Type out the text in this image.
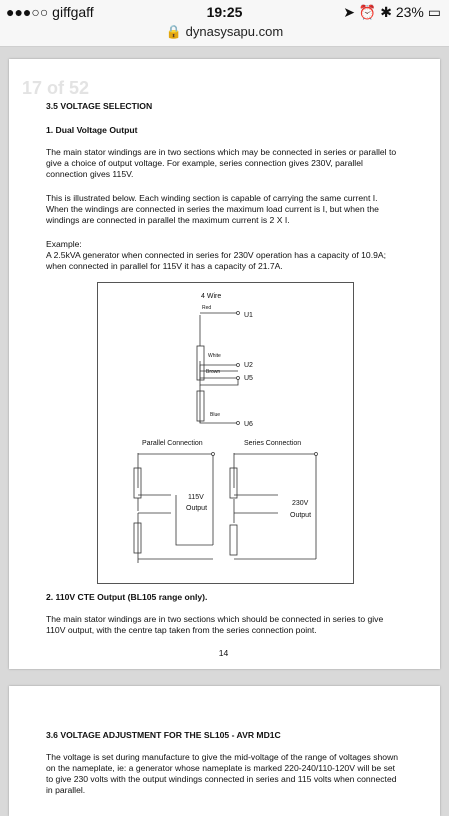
●●●○○ giffgaff	19:25	➤ ⏰ ✱ 23% ▭
🔒 dynasysapu.com
17 of 52
3.5 VOLTAGE SELECTION
1. Dual Voltage Output
The main stator windings are in two sections which may be connected in series or parallel to give a choice of output voltage. For example, series connection gives 230V, parallel connection gives 115V.
This is illustrated below. Each winding section is capable of carrying the same current I. When the windings are connected in series the maximum load current is I, but when the windings are connected in parallel the maximum current is 2 X I.
Example:
A 2.5kVA generator when connected in series for 230V operation has a capacity of 10.9A; when connected in parallel for 115V it has a capacity of 21.7A.
4 Wire
Red
U1
White
U2
Brown
U5
Blue
U6
Parallel Connection	Series Connection
115V
Output
230V
Output
2. 110V CTE Output (BL105 range only).
The main stator windings are in two sections which should be connected in series to give 110V output, with the centre tap taken from the series connection point.
14
3.6 VOLTAGE ADJUSTMENT FOR THE SL105 - AVR MD1C
The voltage is set during manufacture to give the mid-voltage of the range of voltages shown on the nameplate, ie: a generator whose nameplate is marked 220-240/110-120V will be set to give 230 volts with the output windings connected in series and 115 volts when connected in parallel.
